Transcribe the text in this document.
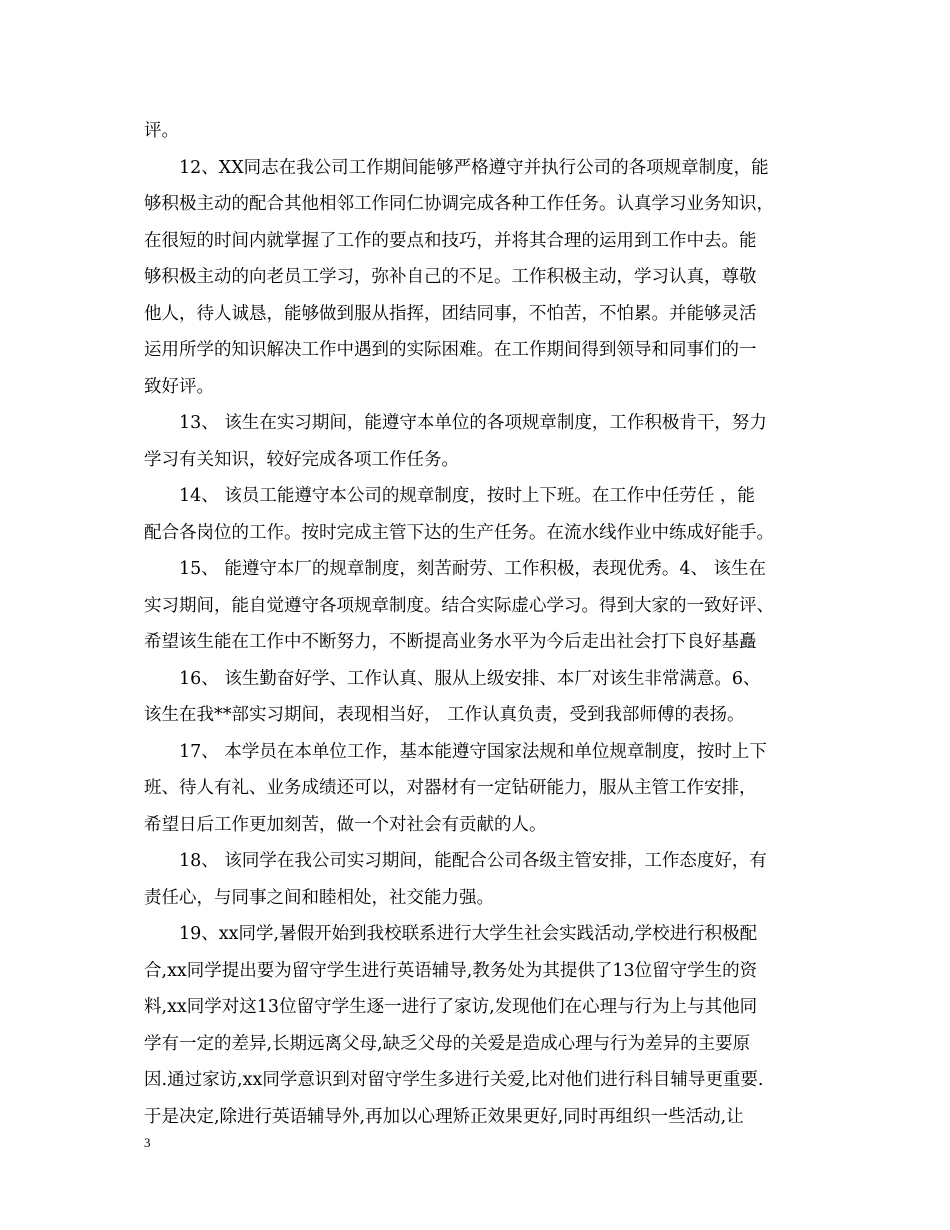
评。
12、XX同志在我公司工作期间能够严格遵守并执行公司的各项规章制度，能
够积极主动的配合其他相邻工作同仁协调完成各种工作任务。认真学习业务知识，
在很短的时间内就掌握了工作的要点和技巧，并将其合理的运用到工作中去。能
够积极主动的向老员工学习，弥补自己的不足。工作积极主动，学习认真，尊敬
他人，待人诚恳，能够做到服从指挥，团结同事，不怕苦，不怕累。并能够灵活
运用所学的知识解决工作中遇到的实际困难。在工作期间得到领导和同事们的一
致好评。
13、 该生在实习期间，能遵守本单位的各项规章制度，工作积极肯干，努力
学习有关知识，较好完成各项工作任务。
14、 该员工能遵守本公司的规章制度，按时上下班。在工作中任劳任 ，能
配合各岗位的工作。按时完成主管下达的生产任务。在流水线作业中练成好能手。
15、 能遵守本厂的规章制度，刻苦耐劳、工作积极，表现优秀。4、 该生在
实习期间，能自觉遵守各项规章制度。结合实际虚心学习。得到大家的一致好评、
希望该生能在工作中不断努力，不断提高业务水平为今后走出社会打下良好基矗
16、 该生勤奋好学、工作认真、服从上级安排、本厂对该生非常满意。6、
该生在我**部实习期间，表现相当好， 工作认真负责，受到我部师傅的表扬。
17、 本学员在本单位工作，基本能遵守国家法规和单位规章制度，按时上下
班、待人有礼、业务成绩还可以，对器材有一定钻研能力，服从主管工作安排，
希望日后工作更加刻苦，做一个对社会有贡献的人。
18、 该同学在我公司实习期间，能配合公司各级主管安排，工作态度好，有
责任心，与同事之间和睦相处，社交能力强。
19、xx同学,暑假开始到我校联系进行大学生社会实践活动,学校进行积极配
合,xx同学提出要为留守学生进行英语辅导,教务处为其提供了13位留守学生的资
料,xx同学对这13位留守学生逐一进行了家访,发现他们在心理与行为上与其他同
学有一定的差异,长期远离父母,缺乏父母的关爱是造成心理与行为差异的主要原
因.通过家访,xx同学意识到对留守学生多进行关爱,比对他们进行科目辅导更重要.
于是决定,除进行英语辅导外,再加以心理矫正效果更好,同时再组织一些活动,让
3
